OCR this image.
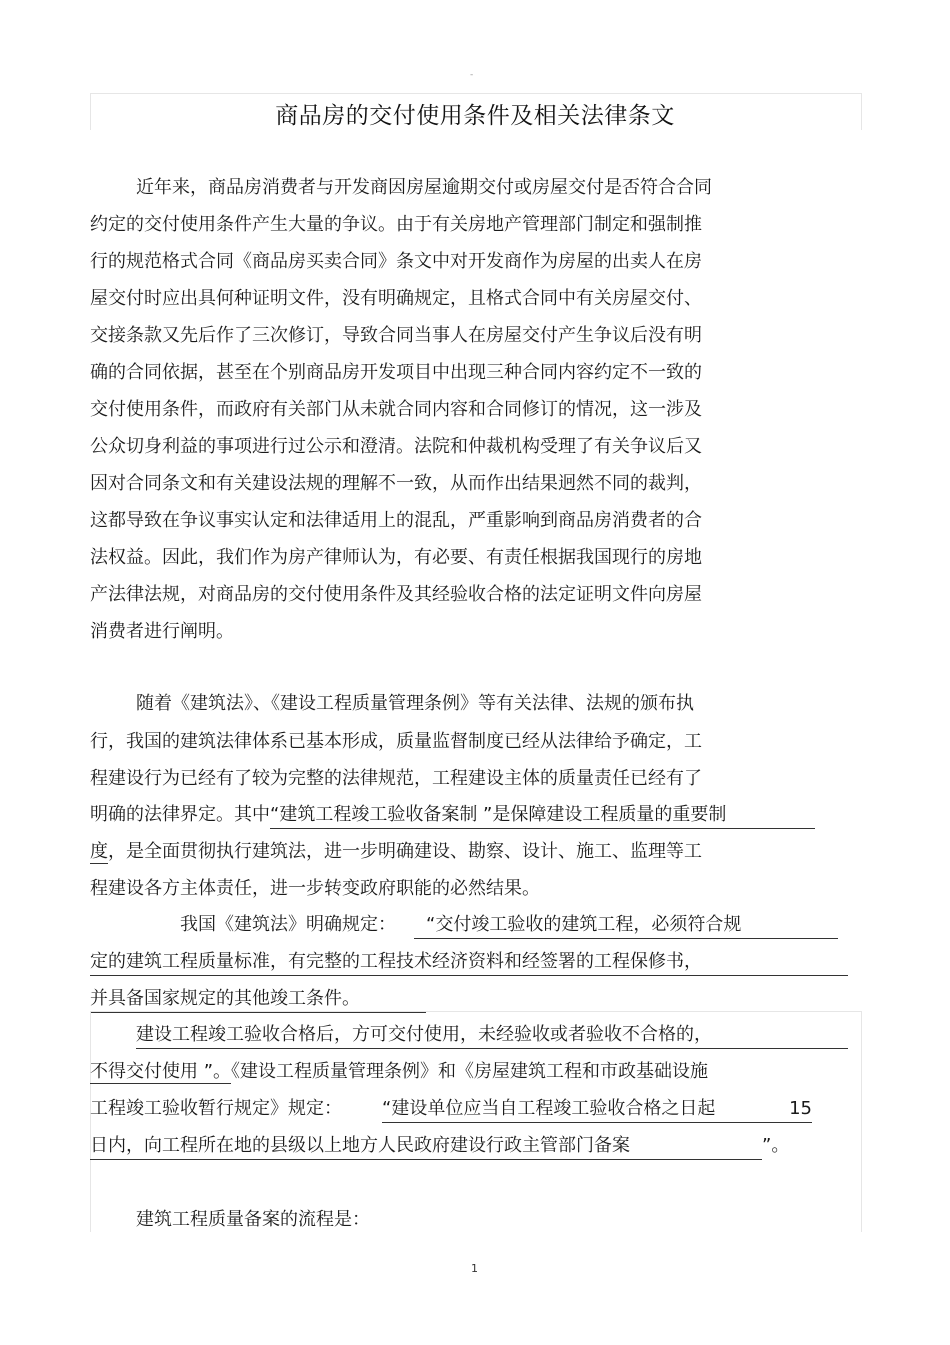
-
商品房的交付使用条件及相关法律条文
近年来，商品房消费者与开发商因房屋逾期交付或房屋交付是否符合合同
约定的交付使用条件产生大量的争议。由于有关房地产管理部门制定和强制推
行的规范格式合同《商品房买卖合同》条文中对开发商作为房屋的出卖人在房
屋交付时应出具何种证明文件，没有明确规定，且格式合同中有关房屋交付、
交接条款又先后作了三次修订，导致合同当事人在房屋交付产生争议后没有明
确的合同依据，甚至在个别商品房开发项目中出现三种合同内容约定不一致的
交付使用条件，而政府有关部门从未就合同内容和合同修订的情况，这一涉及
公众切身利益的事项进行过公示和澄清。法院和仲裁机构受理了有关争议后又
因对合同条文和有关建设法规的理解不一致，从而作出结果迥然不同的裁判，
这都导致在争议事实认定和法律适用上的混乱，严重影响到商品房消费者的合
法权益。因此，我们作为房产律师认为，有必要、有责任根据我国现行的房地
产法律法规，对商品房的交付使用条件及其经验收合格的法定证明文件向房屋
消费者进行阐明。
随着《建筑法》、《建设工程质量管理条例》等有关法律、法规的颁布执
行，我国的建筑法律体系已基本形成，质量监督制度已经从法律给予确定，工
程建设行为已经有了较为完整的法律规范，工程建设主体的质量责任已经有了
明确的法律界定。其中“建筑工程竣工验收备案制 ”是保障建设工程质量的重要制
度，是全面贯彻执行建筑法，进一步明确建设、勘察、设计、施工、监理等工
程建设各方主体责任，进一步转变政府职能的必然结果。
我国《建筑法》明确规定： “交付竣工验收的建筑工程，必须符合规
定的建筑工程质量标准，有完整的工程技术经济资料和经签署的工程保修书，
并具备国家规定的其他竣工条件。
建设工程竣工验收合格后，方可交付使用，未经验收或者验收不合格的，
不得交付使用 ”。《建设工程质量管理条例》和《房屋建筑工程和市政基础设施
工程竣工验收暂行规定》规定： “建设单位应当自工程竣工验收合格之日起	15
日内，向工程所在地的县级以上地方人民政府建设行政主管部门备案	”。
建筑工程质量备案的流程是：
1
